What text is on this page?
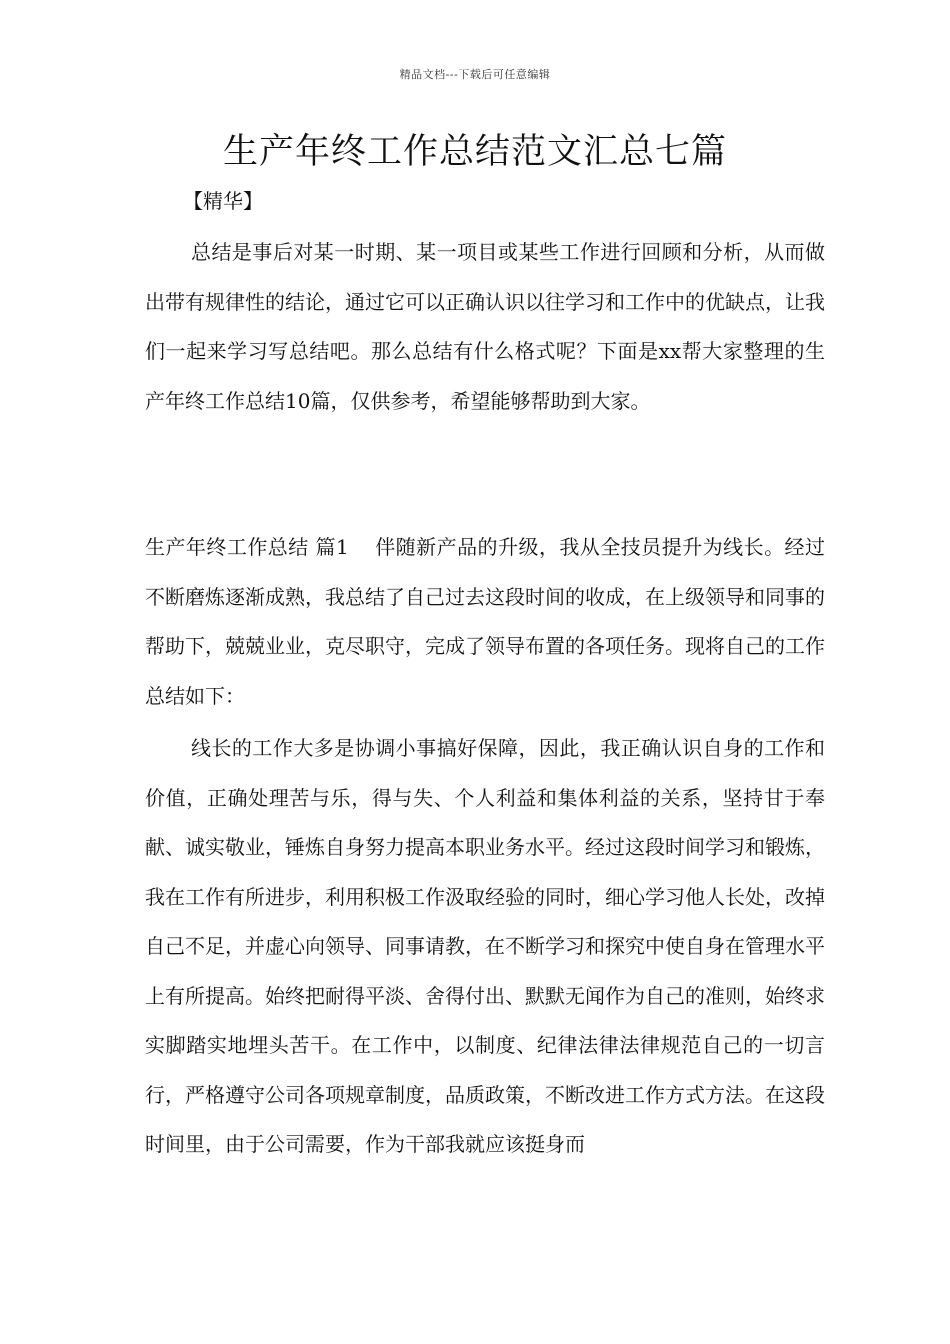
精品文档---下载后可任意编辑
生产年终工作总结范文汇总七篇

【精华】

总结是事后对某一时期、某一项目或某些工作进行回顾和分析，从而做出带有规律性的结论，通过它可以正确认识以往学习和工作中的优缺点，让我们一起来学习写总结吧。那么总结有什么格式呢？下面是xx帮大家整理的生产年终工作总结10篇，仅供参考，希望能够帮助到大家。

生产年终工作总结 篇1 伴随新产品的升级，我从全技员提升为线长。经过不断磨炼逐渐成熟，我总结了自己过去这段时间的收成，在上级领导和同事的帮助下，兢兢业业，克尽职守，完成了领导布置的各项任务。现将自己的工作总结如下：

线长的工作大多是协调小事搞好保障，因此，我正确认识自身的工作和价值，正确处理苦与乐，得与失、个人利益和集体利益的关系，坚持甘于奉献、诚实敬业，锤炼自身努力提高本职业务水平。经过这段时间学习和锻炼，我在工作有所进步，利用积极工作汲取经验的同时，细心学习他人长处，改掉自己不足，并虚心向领导、同事请教，在不断学习和探究中使自身在管理水平上有所提高。始终把耐得平淡、舍得付出、默默无闻作为自己的准则，始终求实脚踏实地埋头苦干。在工作中，以制度、纪律法律法律规范自己的一切言行，严格遵守公司各项规章制度，品质政策，不断改进工作方式方法。在这段时间里，由于公司需要，作为干部我就应该挺身而
